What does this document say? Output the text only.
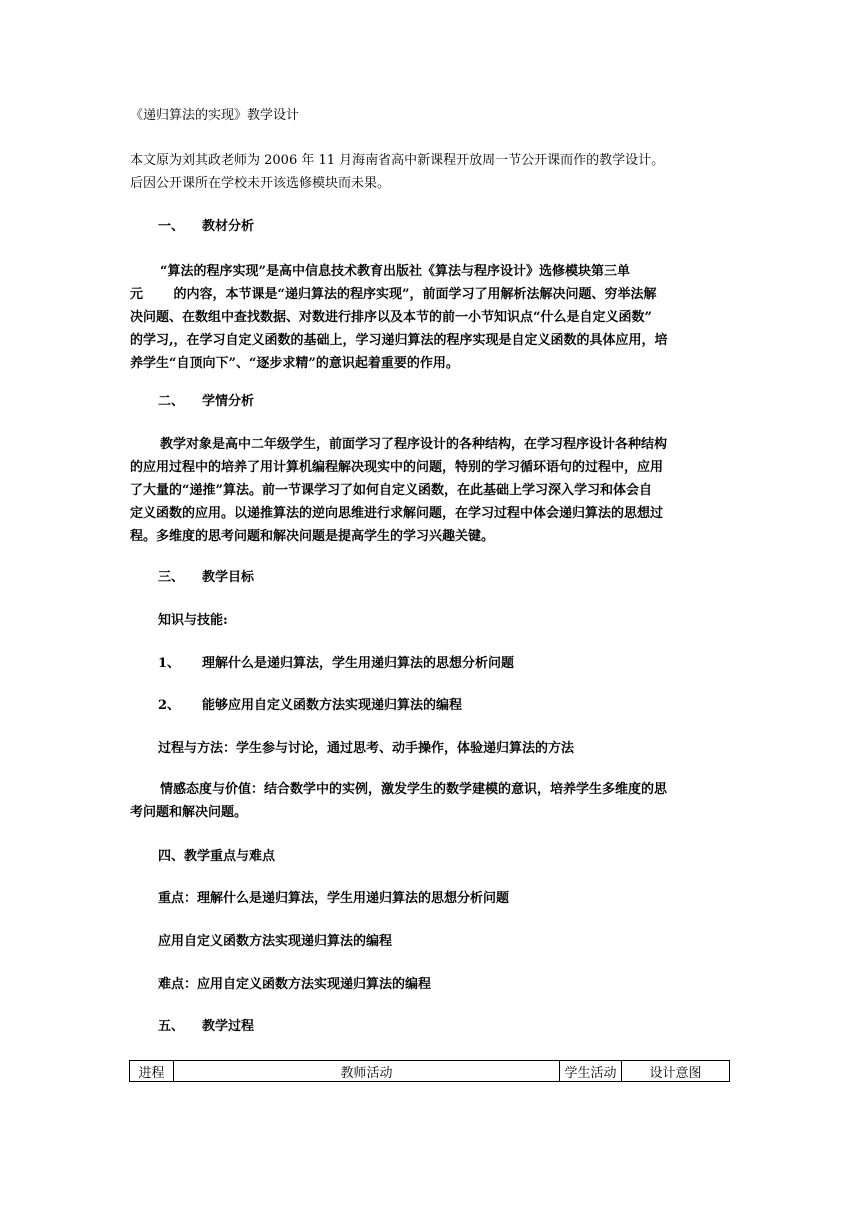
《递归算法的实现》教学设计
本文原为刘其政老师为 2006 年 11 月海南省高中新课程开放周一节公开课而作的教学设计。
后因公开课所在学校未开该选修模块而未果。
一、 教材分析
“算法的程序实现”是高中信息技术教育出版社《算法与程序设计》选修模块第三单
元　　 的内容，本节课是“递归算法的程序实现”，前面学习了用解析法解决问题、穷举法解
决问题、在数组中查找数据、对数进行排序以及本节的前一小节知识点“什么是自定义函数”
的学习,，在学习自定义函数的基础上，学习递归算法的程序实现是自定义函数的具体应用，培
养学生“自顶向下”、“逐步求精”的意识起着重要的作用。
二、 学情分析
教学对象是高中二年级学生，前面学习了程序设计的各种结构，在学习程序设计各种结构
的应用过程中的培养了用计算机编程解决现实中的问题，特别的学习循环语句的过程中，应用
了大量的“递推”算法。前一节课学习了如何自定义函数，在此基础上学习深入学习和体会自
定义函数的应用。以递推算法的逆向思维进行求解问题，在学习过程中体会递归算法的思想过
程。多维度的思考问题和解决问题是提高学生的学习兴趣关键。
三、 教学目标
知识与技能:
1、 理解什么是递归算法，学生用递归算法的思想分析问题
2、 能够应用自定义函数方法实现递归算法的编程
过程与方法：学生参与讨论，通过思考、动手操作，体验递归算法的方法
情感态度与价值：结合数学中的实例，激发学生的数学建模的意识，培养学生多维度的思
考问题和解决问题。
四、教学重点与难点
重点：理解什么是递归算法，学生用递归算法的思想分析问题
应用自定义函数方法实现递归算法的编程
难点：应用自定义函数方法实现递归算法的编程
五、 教学过程
进程	教师活动	学生活动	设计意图
